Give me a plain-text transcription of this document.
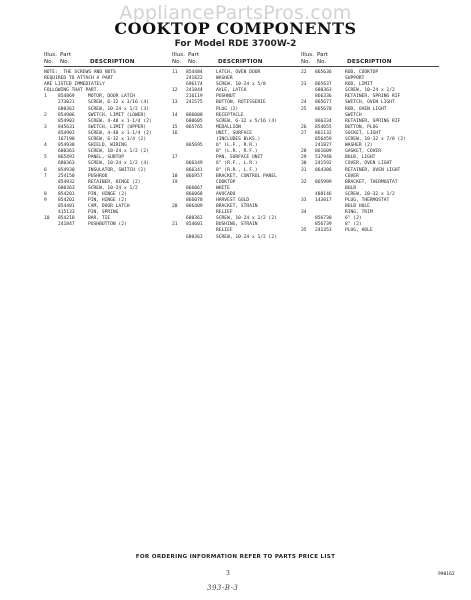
AppliancePartsPros.com
COOKTOP COMPONENTS
For Model RDE 3700W-2
Illus. Part
No. No.	DESCRIPTION
NOTE:  THE SCREWS AND NUTS
REQUIRED TO ATTACH A PART
ARE LISTED IMMEDIATELY
FOLLOWING THAT PART.
1 854869	MOTOR, DOOR LATCH
273021	SCREW, 6-32 x 3/16 (4)
680363	SCREW, 10-24 x 1/2 (3)
2 854906	SWITCH, LIMIT (LOWER)
854903	SCREW, 4-40 x 1-1/4 (2)
3 845631	SWITCH, LIMIT (UPPER)
854903	SCREW, 4-40 x 1-1/4 (2)
167190	SCREW, 6-32 x 1/4 (2)
4 854938	SHIELD, WIRING
680363	SCREW, 10-24 x 1/2 (2)
5 865493	PANEL, SUBTOP
680363	SCREW, 10-24 x 1/2 (4)
6 854930	INSULATOR, SWITCH (2)
7 254150	PUSHROD
854932	RETAINER, HINGE (2)
680363	SCREW, 10-24 x 1/2
8 854201	PIN, HINGE (2)
9 854202	PIN, HINGE (2)
854481	CAM, DOOR LATCH
415133	PIN, SPRING
10 854218	BAR, TIE
241847	PUSHBUTTON (2)
Illus. Part
No. No.	DESCRIPTION
11 854484	LATCH, OVEN DOOR
241822	WASHER
696174	SCREW, 10-24 x 5/8
12 241844	AXLE, LATCH
216119	PUSHNUT
13 241575	BUTTON, ROTISSERIE
PLUG (2)
14 866000	RECEPTACLE
680605	SCREW, 6-32 x 5/16 (4)
15 865765	MEDALLION
16	UNIT, SURFACE
(INCLUDES BLKS.)
865695	6" (L.F., R.R.)
8" (L.R., R.F.)
17	PAN, SURFACE UNIT
866349	6" (R.F., L.R.)
866341	8" (R.R., L.F.)
18 866957	BRACKET, CONTROL PANEL
19	COOKTOP
866067	WHITE
866068	AVOCADO
866070	HARVEST GOLD
20 866409	BRACKET, STRAIN
RELIEF
680362	SCREW, 10-24 x 1/2 (2)
21 854601	BUSHING, STRAIN
RELIEF
680363	SCREW, 10-24 x 1/2 (2)
Illus. Part
No. No.	DESCRIPTION
22 865636	ROD, COOKTOP
SUPPORT
23 865637	ROD, LIMIT
680363	SCREW, 10-24 x 1/2
866336	RETAINER, SPRING RIF
24 865677	SWITCH, OVEN LIGHT
25 865678	ROD, OVEN LIGHT
SWITCH
866334	RETAINER, SPRING RIF
26 854655	BUTTON, PLUG
27 861132	SOCKET, LIGHT
856459	SCREW, 10-32 x 7/8 (2)
241827	WASHER (2)
28 861609	GASKET, COVER
29 537940	BULB, LIGHT
30 241592	COVER, OVEN LIGHT
31 864386	RETAINER, OVEN LIGHT
COVER
32 865999	BRACKET, THERMOSTAT
BULB
488146	SCREW, 10-32 x 1/2
33 143017	PLUG, THERMOSTAT
BULB HOLE
34	RING, TRIM
856730	6" (2)
856739	8" (2)
35 241353	PLUG, HOLE
FOR ORDERING INFORMATION REFER TO PARTS PRICE LIST
3	990162
393-B-3
